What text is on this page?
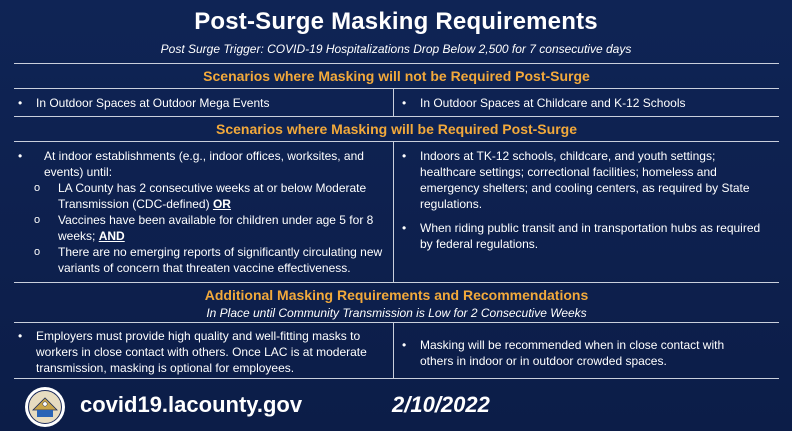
Post-Surge Masking Requirements
Post Surge Trigger: COVID-19 Hospitalizations Drop Below 2,500 for 7 consecutive days
Scenarios where Masking will not be Required Post-Surge
• In Outdoor Spaces at Outdoor Mega Events	• In Outdoor Spaces at Childcare and K-12 Schools
Scenarios where Masking will be Required Post-Surge
• At indoor establishments (e.g., indoor offices, worksites, and events) until:
o LA County has 2 consecutive weeks at or below Moderate Transmission (CDC-defined) OR
o Vaccines have been available for children under age 5 for 8 weeks; AND
o There are no emerging reports of significantly circulating new variants of concern that threaten vaccine effectiveness.
• Indoors at TK-12 schools, childcare, and youth settings; healthcare settings; correctional facilities; homeless and emergency shelters; and cooling centers, as required by State regulations.
• When riding public transit and in transportation hubs as required by federal regulations.
Additional Masking Requirements and Recommendations
In Place until Community Transmission is Low for 2 Consecutive Weeks
• Employers must provide high quality and well-fitting masks to workers in close contact with others. Once LAC is at moderate transmission, masking is optional for employees.
• Masking will be recommended when in close contact with others in indoor or in outdoor crowded spaces.
covid19.lacounty.gov	2/10/2022
